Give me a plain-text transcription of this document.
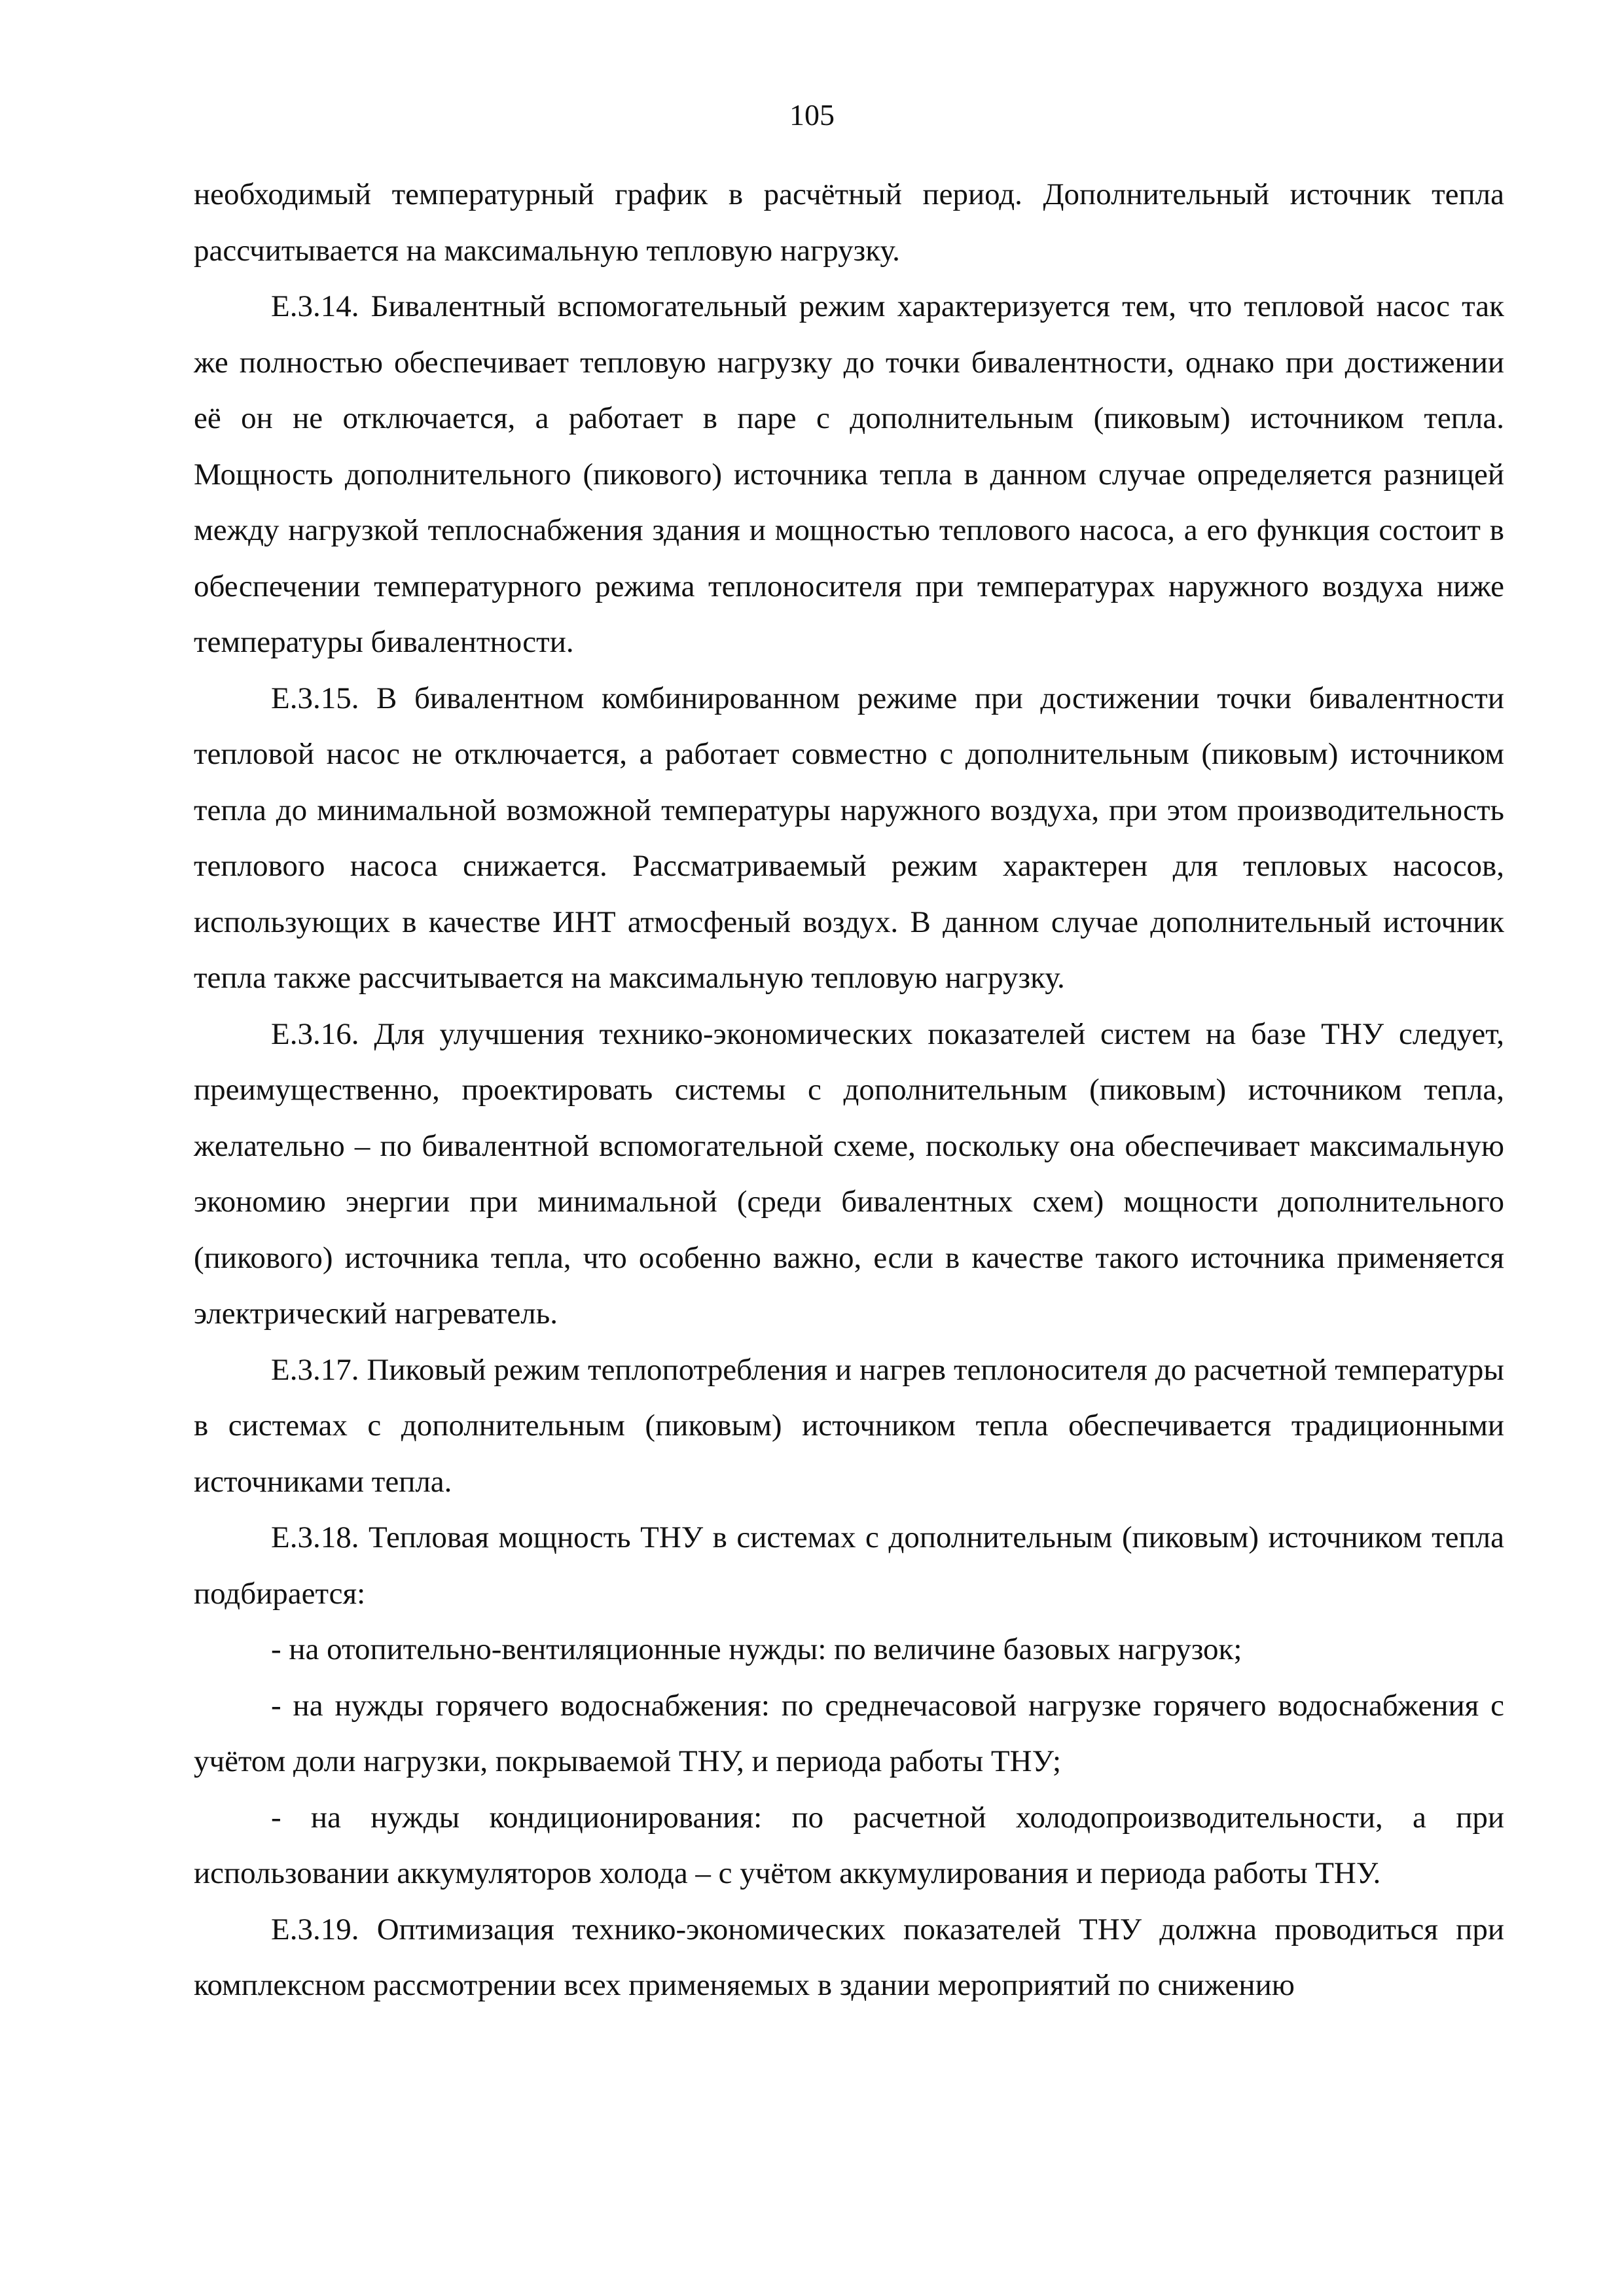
105

необходимый температурный график в расчётный период. Дополнительный источник тепла рассчитывается на максимальную тепловую нагрузку.

Е.3.14. Бивалентный вспомогательный режим характеризуется тем, что тепловой насос так же полностью обеспечивает тепловую нагрузку до точки бивалентности, однако при достижении её он не отключается, а работает в паре с дополнительным (пиковым) источником тепла. Мощность дополнительного (пикового) источника тепла в данном случае определяется разницей между нагрузкой теплоснабжения здания и мощностью теплового насоса, а его функция состоит в обеспечении температурного режима теплоносителя при температурах наружного воздуха ниже температуры бивалентности.

Е.3.15. В бивалентном комбинированном режиме при достижении точки бивалентности тепловой насос не отключается, а работает совместно с дополнительным (пиковым) источником тепла до минимальной возможной температуры наружного воздуха, при этом производительность теплового насоса снижается. Рассматриваемый режим характерен для тепловых насосов, использующих в качестве ИНТ атмосфеный воздух. В данном случае дополнительный источник тепла также рассчитывается на максимальную тепловую нагрузку.

Е.3.16. Для улучшения технико-экономических показателей систем на базе ТНУ следует, преимущественно, проектировать системы с дополнительным (пиковым) источником тепла, желательно – по бивалентной вспомогательной схеме, поскольку она обеспечивает максимальную экономию энергии при минимальной (среди бивалентных схем) мощности дополнительного (пикового) источника тепла, что особенно важно, если в качестве такого источника применяется электрический нагреватель.

Е.3.17. Пиковый режим теплопотребления и нагрев теплоносителя до расчетной температуры в системах с дополнительным (пиковым) источником тепла обеспечивается традиционными источниками тепла.

Е.3.18. Тепловая мощность ТНУ в системах с дополнительным (пиковым) источником тепла подбирается:

- на отопительно-вентиляционные нужды: по величине базовых нагрузок;

- на нужды горячего водоснабжения: по среднечасовой нагрузке горячего водоснабжения с учётом доли нагрузки, покрываемой ТНУ, и периода работы ТНУ;

- на нужды кондиционирования: по расчетной холодопроизводительности, а при использовании аккумуляторов холода – с учётом аккумулирования и периода работы ТНУ.

Е.3.19. Оптимизация технико-экономических показателей ТНУ должна проводиться при комплексном рассмотрении всех применяемых в здании мероприятий по снижению
